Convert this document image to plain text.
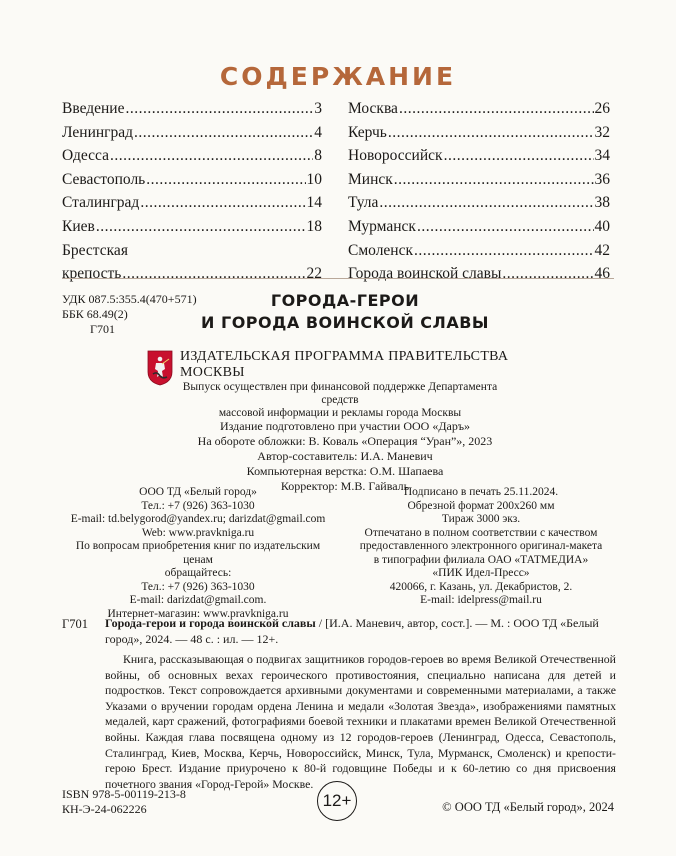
СОДЕРЖАНИЕ
Введение .....	3
Ленинград .....	4
Одесса .....	8
Севастополь .....	10
Сталинград .....	14
Киев .....	18
Брестская
крепость .....	22
Москва .....	26
Керчь .....	32
Новороссийск .....	34
Минск .....	36
Тула .....	38
Мурманск .....	40
Смоленск .....	42
Города воинской славы .....	46
УДК 087.5:355.4(470+571)
ББК 68.49(2)
Г701
ГОРОДА-ГЕРОИ
И ГОРОДА ВОИНСКОЙ СЛАВЫ
ИЗДАТЕЛЬСКАЯ ПРОГРАММА ПРАВИТЕЛЬСТВА МОСКВЫ
Выпуск осуществлен при финансовой поддержке Департамента средств
массовой информации и рекламы города Москвы
Издание подготовлено при участии ООО «Даръ»
На обороте обложки: В. Коваль «Операция “Уран”», 2023
Автор-составитель: И.А. Маневич
Компьютерная верстка: О.М. Шапаева
Корректор: М.В. Гайваль
ООО ТД «Белый город»
Тел.: +7 (926) 363-1030
E-mail: td.belygorod@yandex.ru; darizdat@gmail.com
Web: www.pravkniga.ru
По вопросам приобретения книг по издательским ценам
обращайтесь:
Тел.: +7 (926) 363-1030
E-mail: darizdat@gmail.com.
Интернет-магазин: www.pravkniga.ru
Подписано в печать 25.11.2024.
Обрезной формат 200х260 мм
Тираж 3000 экз.
Отпечатано в полном соответствии с качеством
предоставленного электронного оригинал-макета
в типографии филиала ОАО «ТАТМЕДИА»
«ПИК Идел-Пресс»
420066, г. Казань, ул. Декабристов, 2.
E-mail: idelpress@mail.ru
Г701 Города-герои и города воинской славы / [И.А. Маневич, автор, сост.]. — М. : ООО ТД «Белый город», 2024. — 48 с. : ил. — 12+.
Книга, рассказывающая о подвигах защитников городов-героев во время Великой Отечественной войны, об основных вехах героического противостояния, специально написана для детей и подростков. Текст сопровождается архивными документами и современными материалами, а также Указами о вручении городам ордена Ленина и медали «Золотая Звезда», изображениями памятных медалей, карт сражений, фотографиями боевой техники и плакатами времен Великой Отечественной войны. Каждая глава посвящена одному из 12 городов-героев (Ленинград, Одесса, Севастополь, Сталинград, Киев, Москва, Керчь, Новороссийск, Минск, Тула, Мурманск, Смоленск) и крепости-герою Брест. Издание приурочено к 80-й годовщине Победы и к 60-летию со дня присвоения почетного звания «Город-Герой» Москве.
ISBN 978-5-00119-213-8
КН-Э-24-062226	12+	© ООО ТД «Белый город», 2024
